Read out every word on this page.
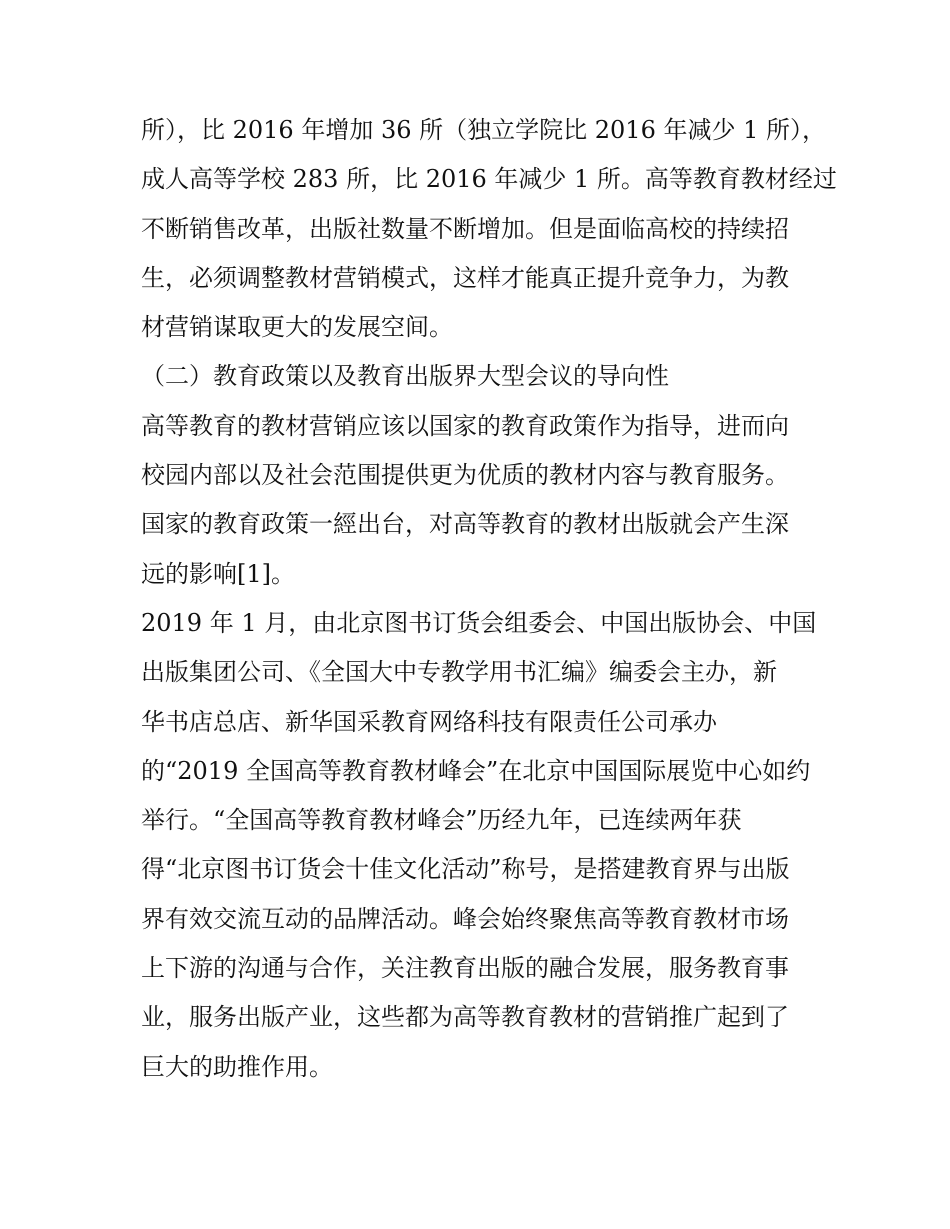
所），比 2016 年增加 36 所（独立学院比 2016 年减少 1 所），
成人高等学校 283 所，比 2016 年减少 1 所。高等教育教材经过
不断销售改革，出版社数量不断增加。但是面临高校的持续招
生，必须调整教材营销模式，这样才能真正提升竞争力，为教
材营销谋取更大的发展空间。
（二）教育政策以及教育出版界大型会议的导向性
高等教育的教材营销应该以国家的教育政策作为指导，进而向
校园内部以及社会范围提供更为优质的教材内容与教育服务。
国家的教育政策一經出台，对高等教育的教材出版就会产生深
远的影响[1]。
2019 年 1 月，由北京图书订货会组委会、中国出版协会、中国
出版集团公司、《全国大中专教学用书汇编》编委会主办，新
华书店总店、新华国采教育网络科技有限责任公司承办
的“2019 全国高等教育教材峰会”在北京中国国际展览中心如约
举行。“全国高等教育教材峰会”历经九年，已连续两年获
得“北京图书订货会十佳文化活动”称号，是搭建教育界与出版
界有效交流互动的品牌活动。峰会始终聚焦高等教育教材市场
上下游的沟通与合作，关注教育出版的融合发展，服务教育事
业，服务出版产业，这些都为高等教育教材的营销推广起到了
巨大的助推作用。
